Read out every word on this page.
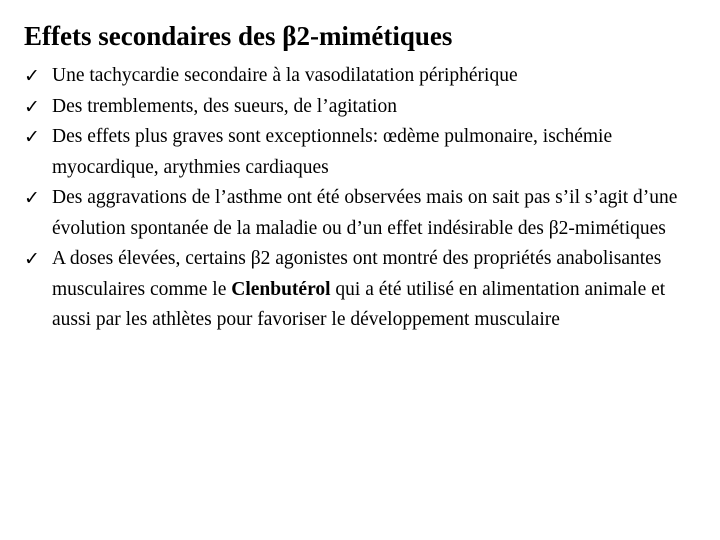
Effets secondaires des β2-mimétiques
✓ Une tachycardie secondaire à la vasodilatation périphérique
✓ Des tremblements, des sueurs, de l’agitation
✓ Des effets plus graves sont exceptionnels: œdème pulmonaire, ischémie myocardique, arythmies cardiaques
✓ Des aggravations de l’asthme ont été observées mais on sait pas s’il s’agit d’une évolution spontanée de la maladie ou d’un effet indésirable des β2-mimétiques
✓ A doses élevées, certains β2 agonistes ont montré des propriétés anabolisantes musculaires comme le Clenbutérol qui a été utilisé en alimentation animale et aussi par les athlètes pour favoriser le développement musculaire
